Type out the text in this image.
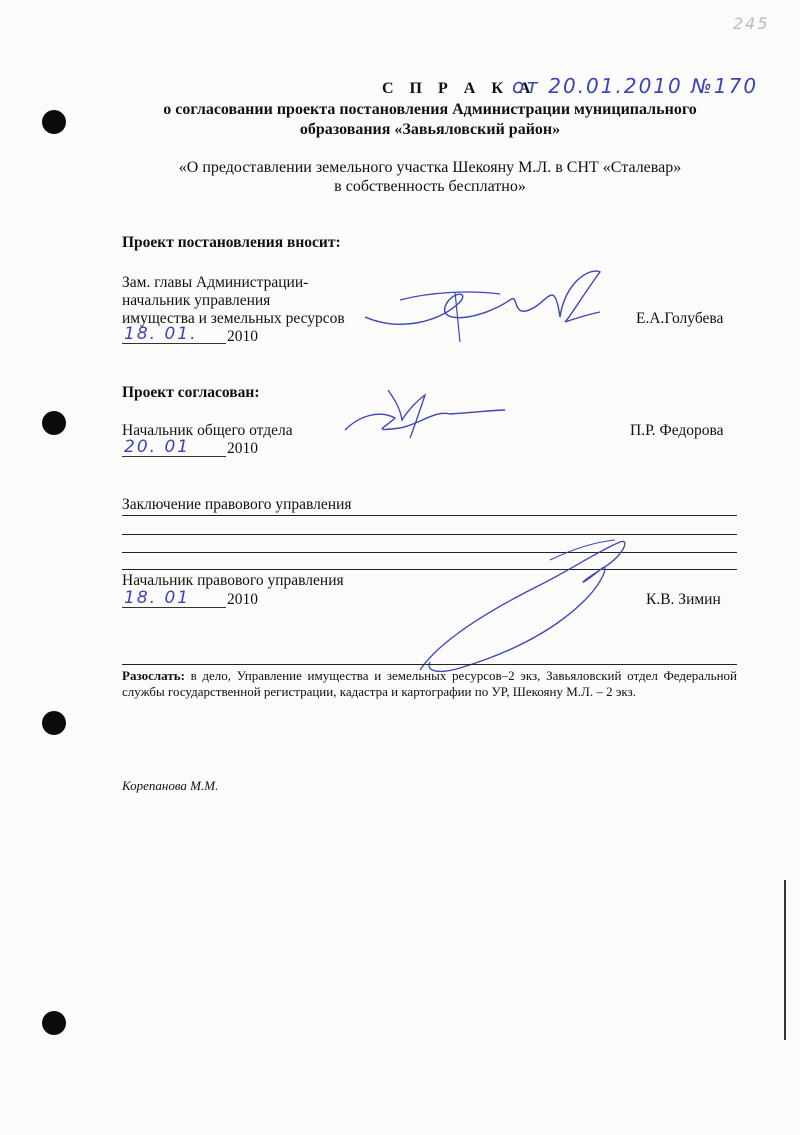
245
С П Р А К А
от 20.01.2010 №170
о согласовании проекта постановления Администрации муниципального
образования «Завьяловский район»
«О предоставлении земельного участка Шекояну М.Л. в СНТ «Сталевар»
в собственность бесплатно»
Проект постановления вносит:
Зам. главы Администрации-
начальник управления
имущества и земельных ресурсов
18. 01. 2010
Е.А.Голубева
Проект согласован:
Начальник общего отдела
20. 01 2010
П.Р. Федорова
Заключение правового управления
Начальник правового управления
18. 01 2010	К.В. Зимин
Разослать: в дело, Управление имущества и земельных ресурсов–2 экз, Завьяловский отдел Федеральной службы государственной регистрации, кадастра и картографии по УР, Шекояну М.Л. – 2 экз.
Корепанова М.М.
